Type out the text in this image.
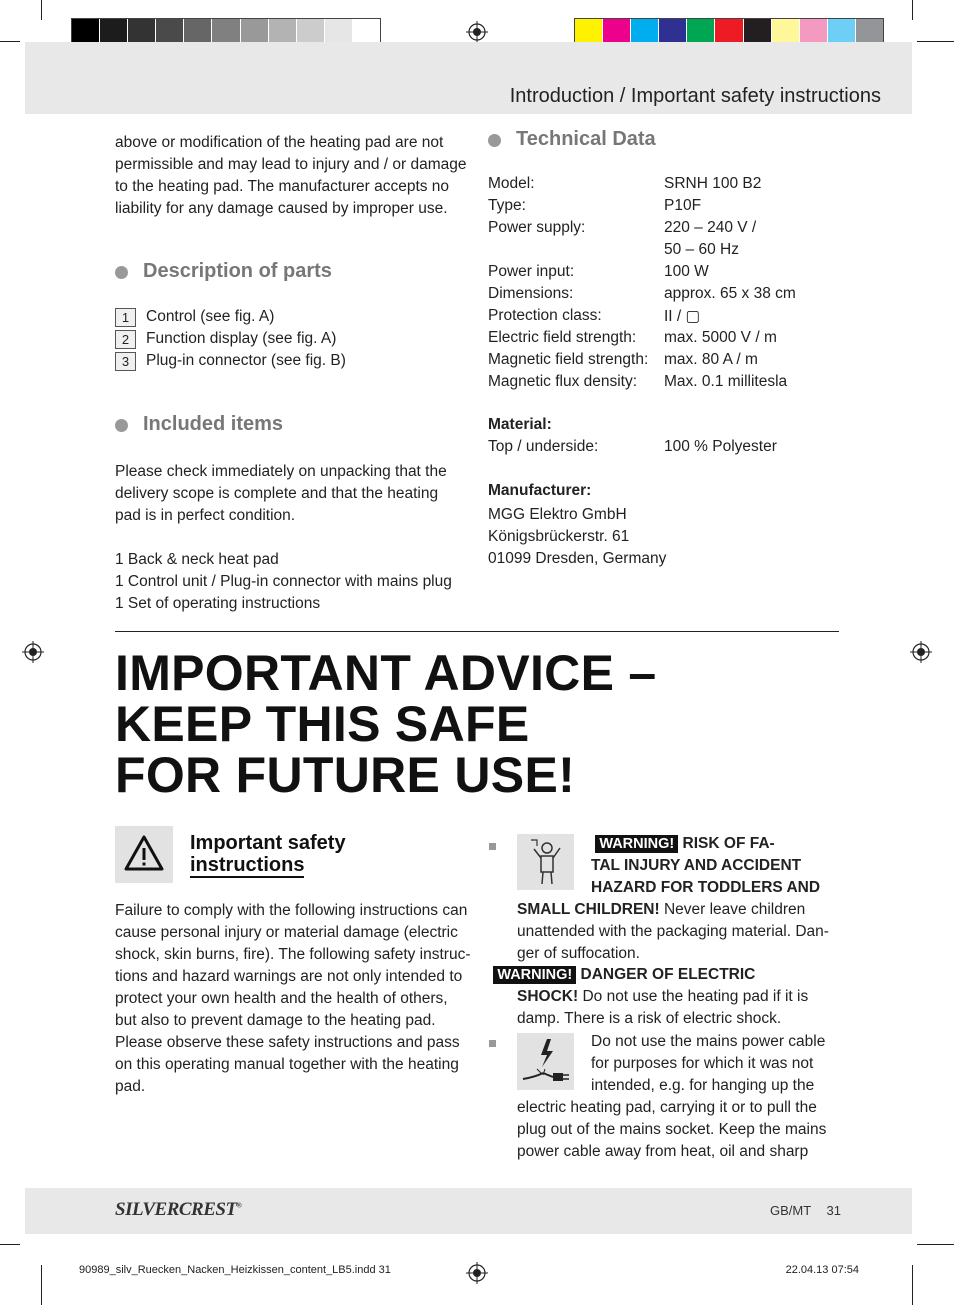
Introduction / Important safety instructions

above or modification of the heating pad are not

permissible and may lead to injury and / or damage

to the heating pad. The manufacturer accepts no

liability for any damage caused by improper use.

Description of parts
1	Control (see fig. A)
2	Function display (see fig. A)
3	Plug-in connector (see fig. B)
Included items

Please check immediately on unpacking that the

delivery scope is complete and that the heating

pad is in perfect condition.

1 Back & neck heat pad

1 Control unit / Plug-in connector with mains plug

1 Set of operating instructions

Technical Data
Model:	SRNH 100 B2
Type:	P10F
Power supply:	220 – 240 V /
50 – 60 Hz
Power input:	100 W
Dimensions:	approx. 65 x 38 cm
Protection class:	II / ▢
Electric field strength: max. 5000 V / m
Magnetic field strength: max. 80 A / m
Magnetic flux density: Max. 0.1 millitesla
Material:
Top / underside:	100 % Polyester
Manufacturer:

MGG Elektro GmbH

Königsbrückerstr. 61

01099 Dresden, Germany

IMPORTANT ADVICE –
KEEP THIS SAFE
FOR FUTURE USE!
Important safety
instructions

Failure to comply with the following instructions can

cause personal injury or material damage (electric

shock, skin burns, fire). The following safety instruc-

tions and hazard warnings are not only intended to

protect your own health and the health of others,

but also to prevent damage to the heating pad.

Please observe these safety instructions and pass

on this operating manual together with the heating

pad.

WARNING! RISK OF FA-
TAL INJURY AND ACCIDENT
HAZARD FOR TODDLERS AND
SMALL CHILDREN! Never leave children
unattended with the packaging material. Dan-
ger of suffocation.
WARNING! DANGER OF ELECTRIC
SHOCK! Do not use the heating pad if it is
damp. There is a risk of electric shock.
Do not use the mains power cable
for purposes for which it was not
intended, e.g. for hanging up the
electric heating pad, carrying it or to pull the
plug out of the mains socket. Keep the mains
power cable away from heat, oil and sharp
SILVERCREST®	GB/MT 31
90989_silv_Ruecken_Nacken_Heizkissen_content_LB5.indd 31	22.04.13 07:54
